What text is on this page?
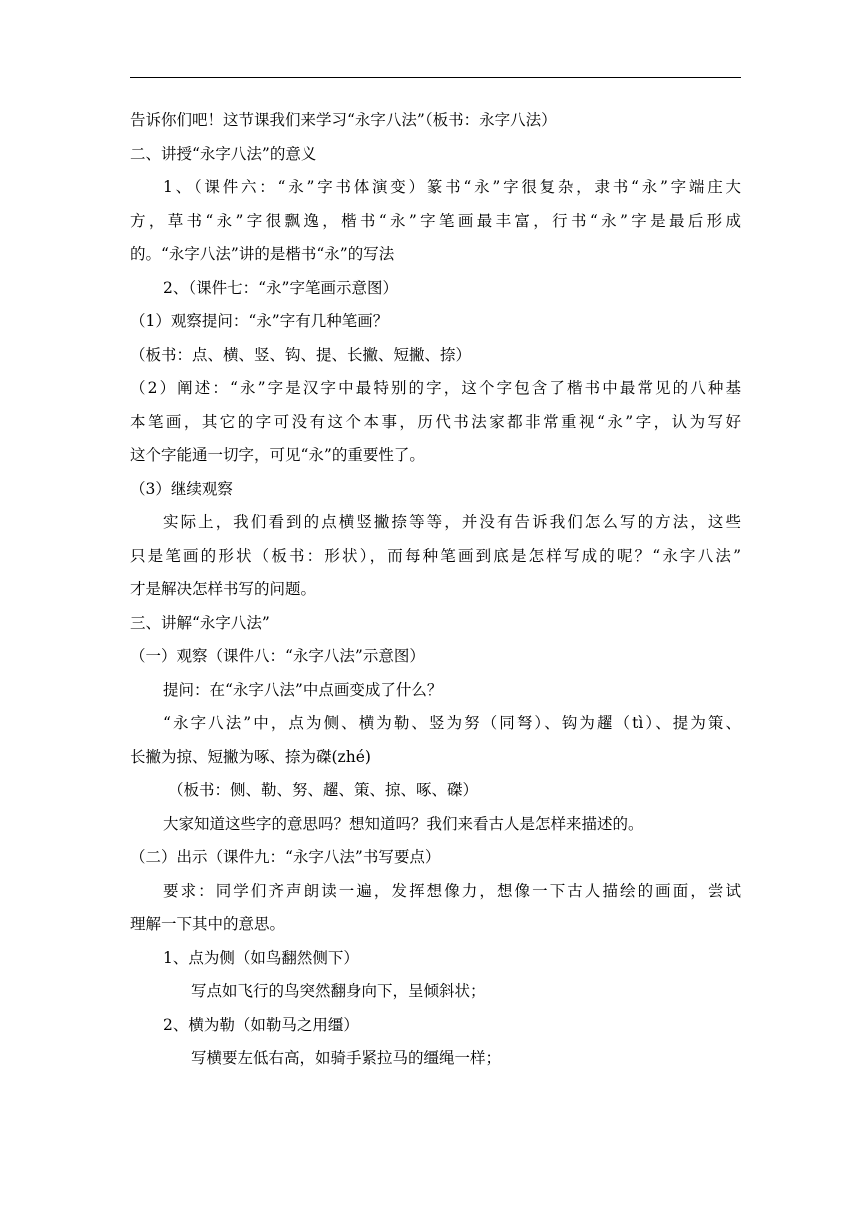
告诉你们吧！这节课我们来学习“永字八法”（板书：永字八法）
二、讲授“永字八法”的意义
1、（课件六：“永”字书体演变）篆书“永”字很复杂，隶书“永”字端庄大
方，草书“永”字很飘逸，楷书“永”字笔画最丰富，行书“永”字是最后形成
的。“永字八法”讲的是楷书“永”的写法
2、（课件七：“永”字笔画示意图）
（1）观察提问：“永”字有几种笔画？
（板书：点、横、竖、钩、提、长撇、短撇、捺）
（2）阐述：“永”字是汉字中最特别的字，这个字包含了楷书中最常见的八种基
本笔画，其它的字可没有这个本事，历代书法家都非常重视“永”字，认为写好
这个字能通一切字，可见“永”的重要性了。
（3）继续观察
实际上，我们看到的点横竖撇捺等等，并没有告诉我们怎么写的方法，这些
只是笔画的形状（板书：形状），而每种笔画到底是怎样写成的呢？“永字八法”
才是解决怎样书写的问题。
三、讲解“永字八法”
（一）观察（课件八：“永字八法”示意图）
提问：在“永字八法”中点画变成了什么？
“永字八法”中，点为侧、横为勒、竖为努（同弩）、钩为趯（tì）、提为策、
长撇为掠、短撇为啄、捺为磔(zhé)
（板书：侧、勒、努、趯、策、掠、啄、磔）
大家知道这些字的意思吗？想知道吗？我们来看古人是怎样来描述的。
（二）出示（课件九：“永字八法”书写要点）
要求：同学们齐声朗读一遍，发挥想像力，想像一下古人描绘的画面，尝试
理解一下其中的意思。
1、点为侧（如鸟翻然侧下）
写点如飞行的鸟突然翻身向下，呈倾斜状；
2、横为勒（如勒马之用缰）
写横要左低右高，如骑手紧拉马的缰绳一样；
